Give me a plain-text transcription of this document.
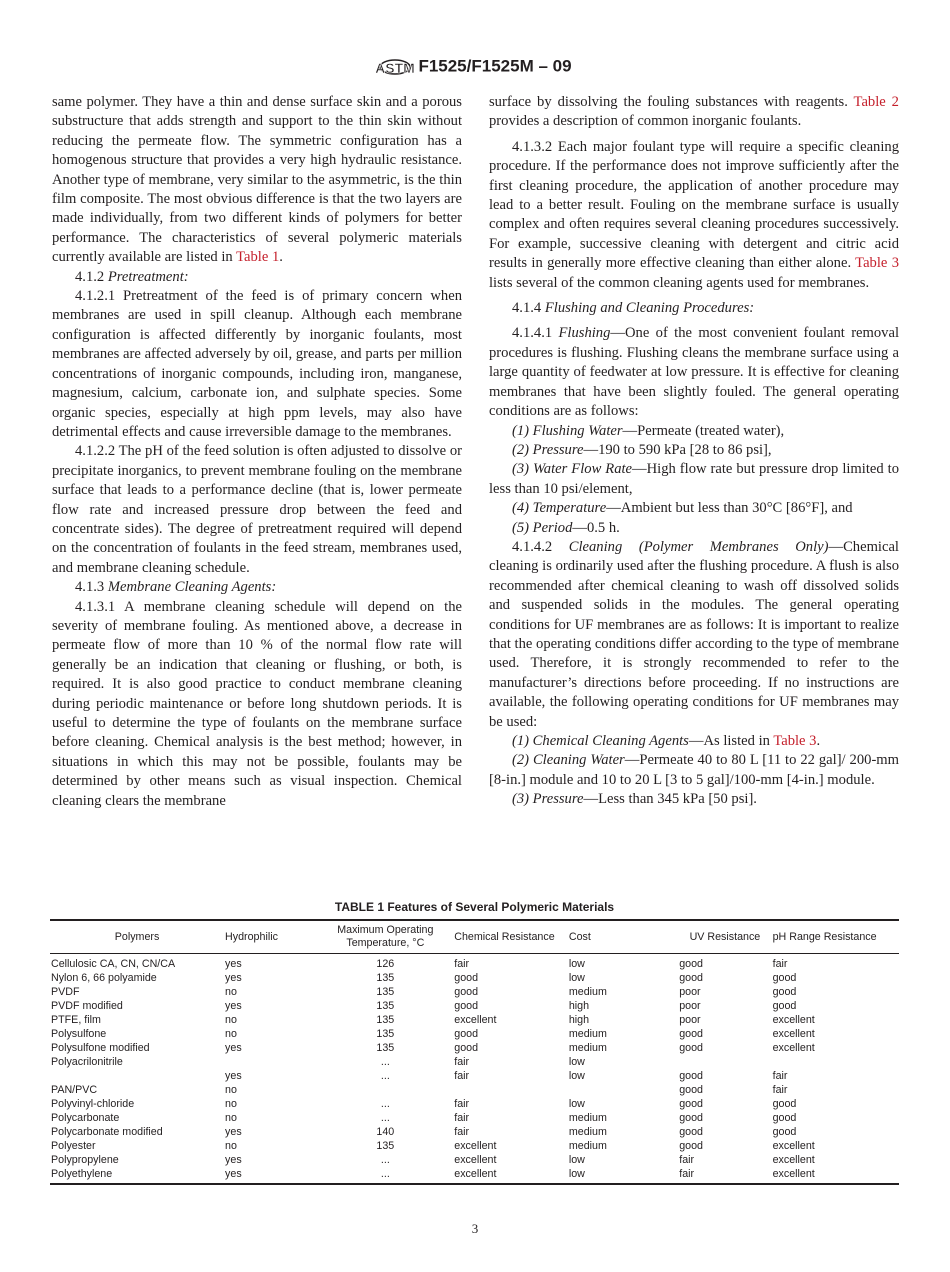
ASTM F1525/F1525M – 09

same polymer. They have a thin and dense surface skin and a porous substructure that adds strength and support to the thin skin without reducing the permeate flow. The symmetric configuration has a homogenous structure that provides a very high hydraulic resistance. Another type of membrane, very similar to the asymmetric, is the thin film composite. The most obvious difference is that the two layers are made individually, from two different kinds of polymers for better performance. The characteristics of several polymeric materials currently available are listed in Table 1.

4.1.2 Pretreatment:

4.1.2.1 Pretreatment of the feed is of primary concern when membranes are used in spill cleanup. Although each membrane configuration is affected differently by inorganic foulants, most membranes are affected adversely by oil, grease, and parts per million concentrations of inorganic compounds, including iron, manganese, magnesium, calcium, carbonate ion, and sulphate species. Some organic species, especially at high ppm levels, may also have detrimental effects and cause irreversible damage to the membranes.

4.1.2.2 The pH of the feed solution is often adjusted to dissolve or precipitate inorganics, to prevent membrane fouling on the membrane surface that leads to a performance decline (that is, lower permeate flow rate and increased pressure drop between the feed and concentrate sides). The degree of pretreatment required will depend on the concentration of foulants in the feed stream, membranes used, and membrane cleaning schedule.

4.1.3 Membrane Cleaning Agents:

4.1.3.1 A membrane cleaning schedule will depend on the severity of membrane fouling. As mentioned above, a decrease in permeate flow of more than 10 % of the normal flow rate will generally be an indication that cleaning or flushing, or both, is required. It is also good practice to conduct membrane cleaning during periodic maintenance or before long shutdown periods. It is useful to determine the type of foulants on the membrane surface before cleaning. Chemical analysis is the best method; however, in situations in which this may not be possible, foulants may be determined by other means such as visual inspection. Chemical cleaning clears the membrane

surface by dissolving the fouling substances with reagents. Table 2 provides a description of common inorganic foulants.

4.1.3.2 Each major foulant type will require a specific cleaning procedure. If the performance does not improve sufficiently after the first cleaning procedure, the application of another procedure may lead to a better result. Fouling on the membrane surface is usually complex and often requires several cleaning procedures successively. For example, successive cleaning with detergent and citric acid results in generally more effective cleaning than either alone. Table 3 lists several of the common cleaning agents used for membranes.

4.1.4 Flushing and Cleaning Procedures:

4.1.4.1 Flushing—One of the most convenient foulant removal procedures is flushing. Flushing cleans the membrane surface using a large quantity of feedwater at low pressure. It is effective for cleaning membranes that have been slightly fouled. The general operating conditions are as follows:

(1) Flushing Water—Permeate (treated water),

(2) Pressure—190 to 590 kPa [28 to 86 psi],

(3) Water Flow Rate—High flow rate but pressure drop limited to less than 10 psi/element,

(4) Temperature—Ambient but less than 30°C [86°F], and

(5) Period—0.5 h.

4.1.4.2 Cleaning (Polymer Membranes Only)—Chemical cleaning is ordinarily used after the flushing procedure. A flush is also recommended after chemical cleaning to wash off dissolved solids and suspended solids in the modules. The general operating conditions for UF membranes are as follows: It is important to realize that the operating conditions differ according to the type of membrane used. Therefore, it is strongly recommended to refer to the manufacturer’s directions before proceeding. If no instructions are available, the following operating conditions for UF membranes may be used:

(1) Chemical Cleaning Agents—As listed in Table 3.

(2) Cleaning Water—Permeate 40 to 80 L [11 to 22 gal]/ 200-mm [8-in.] module and 10 to 20 L [3 to 5 gal]/100-mm [4-in.] module.

(3) Pressure—Less than 345 kPa [50 psi].

TABLE 1 Features of Several Polymeric Materials
Polymers	Hydrophilic	Maximum Operating Temperature, °C	Chemical Resistance	Cost	UV Resistance	pH Range Resistance
Cellulosic CA, CN, CN/CA	yes	126	fair	low	good	fair
Nylon 6, 66 polyamide	yes	135	good	low	good	good
PVDF	no	135	good	medium	poor	good
PVDF modified	yes	135	good	high	poor	good
PTFE, film	no	135	excellent	high	poor	excellent
Polysulfone	no	135	good	medium	good	excellent
Polysulfone modified	yes	135	good	medium	good	excellent
Polyacrilonitrile		...	fair	low		
	yes	...	fair	low	good	fair
PAN/PVC	no				good	fair
Polyvinyl-chloride	no	...	fair	low	good	good
Polycarbonate	no	...	fair	medium	good	good
Polycarbonate modified	yes	140	fair	medium	good	good
Polyester	no	135	excellent	medium	good	excellent
Polypropylene	yes	...	excellent	low	fair	excellent
Polyethylene	yes	...	excellent	low	fair	excellent
3
